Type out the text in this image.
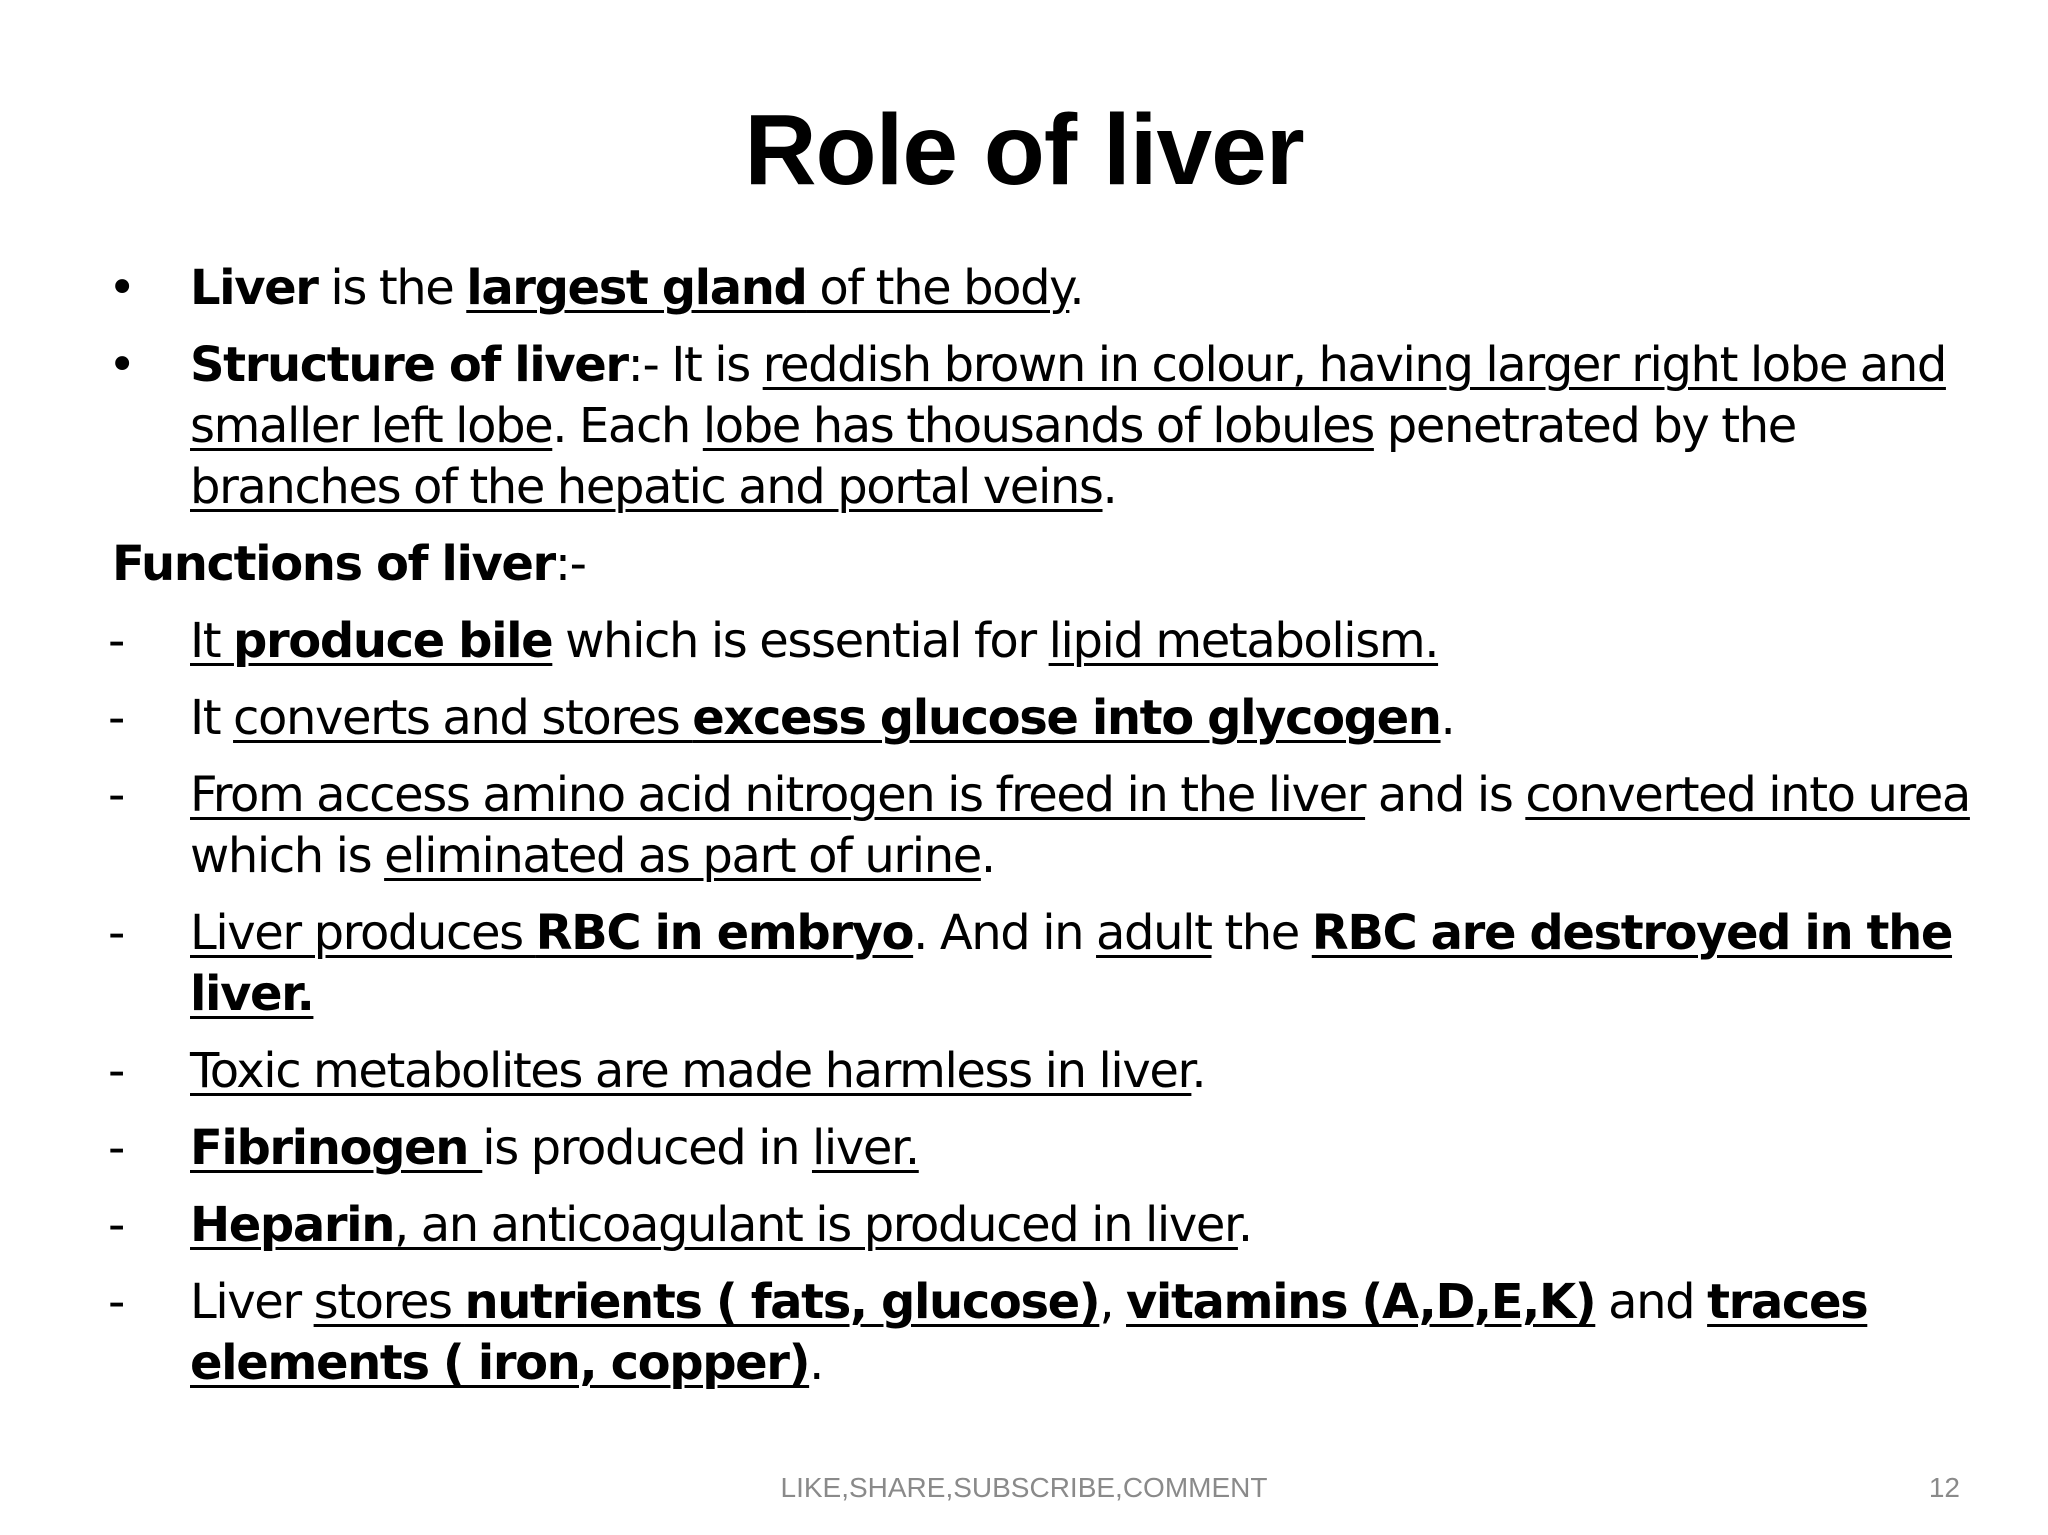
Role of liver
•	Liver is the largest gland of the body.
•	Structure of liver:- It is reddish brown in colour, having larger right lobe and smaller left lobe. Each lobe has thousands of lobules penetrated by the branches of the hepatic and portal veins.
Functions of liver:-
-	It produce bile which is essential for lipid metabolism.
-	It converts and stores excess glucose into glycogen.
-	From access amino acid nitrogen is freed in the liver and is converted into urea which is eliminated as part of urine.
-	Liver produces RBC in embryo. And in adult the RBC are destroyed in the liver.
-	Toxic metabolites are made harmless in liver.
-	Fibrinogen is produced in liver.
-	Heparin, an anticoagulant is produced in liver.
-	Liver stores nutrients ( fats, glucose), vitamins (A,D,E,K) and traces elements ( iron, copper).
LIKE,SHARE,SUBSCRIBE,COMMENT	12
